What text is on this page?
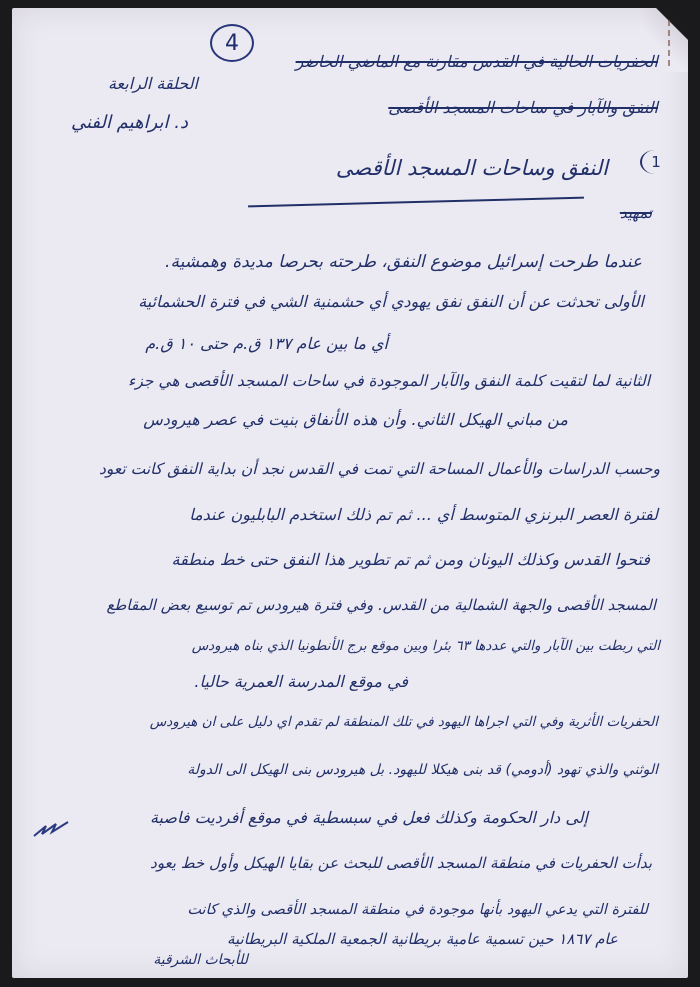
4
الحلقة الرابعة
د. ابراهيم الفني
الحفريات الحالية في القدس مقارنة مع الماضي الحاضر
النفق والآبار في ساحات المسجد الأقصى
1
النفق وساحات المسجد الأقصى
تمهيد
عندما طرحت إسرائيل موضوع النفق، طرحته بحرصا مديدة وهمشية.
الأولى تحدثت عن أن النفق نفق يهودي أي حشمنية الشي في فترة الحشمائية
أي ما بين عام ١٣٧ ق.م حتى ١٠ ق.م
الثانية لما لتقيت كلمة النفق والآبار الموجودة في ساحات المسجد الأقصى هي جزء
من مباني الهيكل الثاني. وأن هذه الأنفاق بنيت في عصر هيرودس
وحسب الدراسات والأعمال المساحة التي تمت في القدس نجد أن بداية النفق كانت تعود
لفترة العصر البرنزي المتوسط أي ... ثم تم ذلك استخدم البابليون عندما
فتحوا القدس وكذلك اليونان ومن ثم تم تطوير هذا النفق حتى خط منطقة
المسجد الأقصى والجهة الشمالية من القدس. وفي فترة هيرودس تم توسيع بعض المقاطع
التي ربطت بين الآبار والتي عددها ٦٣ بئرا وبين موقع برج الأنطونيا الذي بناه هيرودس
في موقع المدرسة العمرية حاليا.
الحفريات الأثرية وفي التي اجراها اليهود في تلك المنطقة لم تقدم اي دليل على ان هيرودس
الوثني والذي تهود (أدومي) قد بنى هيكلا لليهود. بل هيرودس بنى الهيكل الى الدولة
إلى دار الحكومة وكذلك فعل في سبسطية في موقع أفرديت فاصبة
بدأت الحفريات في منطقة المسجد الأقصى للبحث عن بقايا الهيكل وأول خط يعود
للفترة التي يدعي اليهود بأنها موجودة في منطقة المسجد الأقصى والذي كانت
عام ١٨٦٧ حين تسمية عامية بريطانية الجمعية الملكية البريطانية
للأبحاث الشرقية
